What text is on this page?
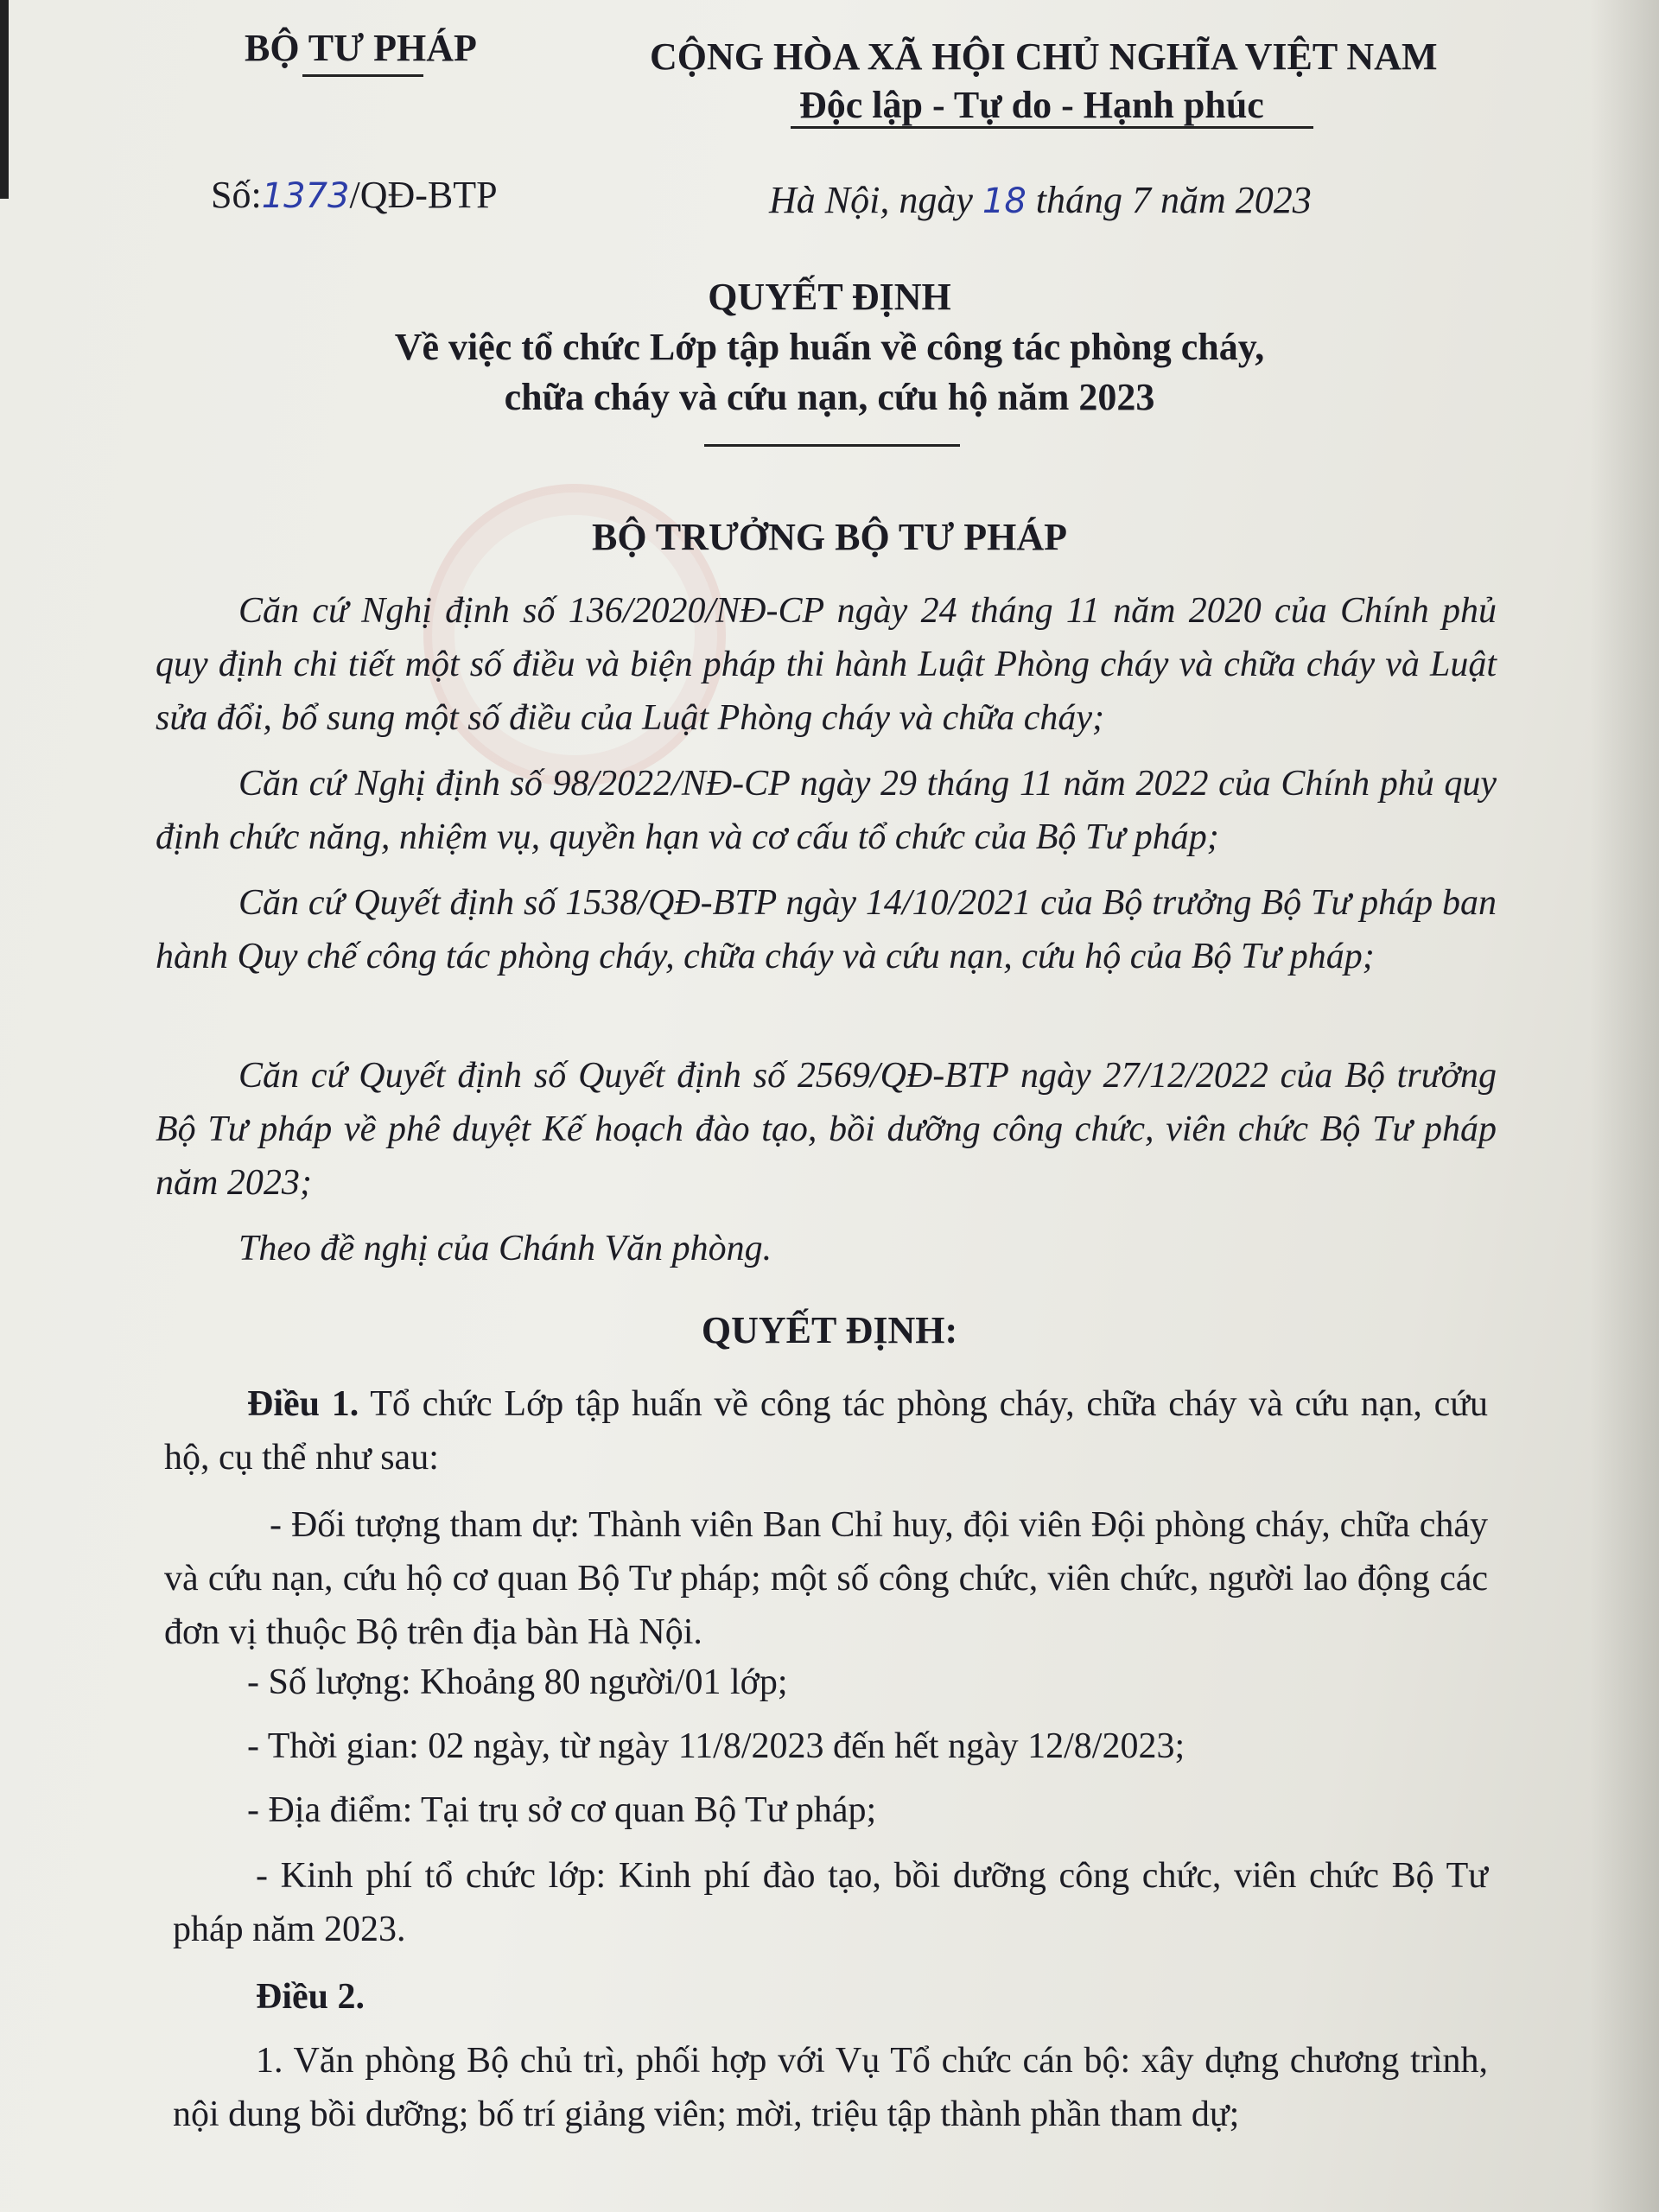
BỘ TƯ PHÁP	CỘNG HÒA XÃ HỘI CHỦ NGHĨA VIỆT NAM
Độc lập - Tự do - Hạnh phúc
Số:1373/QĐ-BTP	Hà Nội, ngày 18 tháng 7 năm 2023
QUYẾT ĐỊNH
Về việc tổ chức Lớp tập huấn về công tác phòng cháy,
chữa cháy và cứu nạn, cứu hộ năm 2023
BỘ TRƯỞNG BỘ TƯ PHÁP
Căn cứ Nghị định số 136/2020/NĐ-CP ngày 24 tháng 11 năm 2020 của Chính phủ quy định chi tiết một số điều và biện pháp thi hành Luật Phòng cháy và chữa cháy và Luật sửa đổi, bổ sung một số điều của Luật Phòng cháy và chữa cháy;
Căn cứ Nghị định số 98/2022/NĐ-CP ngày 29 tháng 11 năm 2022 của Chính phủ quy định chức năng, nhiệm vụ, quyền hạn và cơ cấu tổ chức của Bộ Tư pháp;
Căn cứ Quyết định số 1538/QĐ-BTP ngày 14/10/2021 của Bộ trưởng Bộ Tư pháp ban hành Quy chế công tác phòng cháy, chữa cháy và cứu nạn, cứu hộ của Bộ Tư pháp;
Căn cứ Quyết định số Quyết định số 2569/QĐ-BTP ngày 27/12/2022 của Bộ trưởng Bộ Tư pháp về phê duyệt Kế hoạch đào tạo, bồi dưỡng công chức, viên chức Bộ Tư pháp năm 2023;
Theo đề nghị của Chánh Văn phòng.
QUYẾT ĐỊNH:
Điều 1. Tổ chức Lớp tập huấn về công tác phòng cháy, chữa cháy và cứu nạn, cứu hộ, cụ thể như sau:
- Đối tượng tham dự: Thành viên Ban Chỉ huy, đội viên Đội phòng cháy, chữa cháy và cứu nạn, cứu hộ cơ quan Bộ Tư pháp; một số công chức, viên chức, người lao động các đơn vị thuộc Bộ trên địa bàn Hà Nội.
- Số lượng: Khoảng 80 người/01 lớp;
- Thời gian: 02 ngày, từ ngày 11/8/2023 đến hết ngày 12/8/2023;
- Địa điểm: Tại trụ sở cơ quan Bộ Tư pháp;
- Kinh phí tổ chức lớp: Kinh phí đào tạo, bồi dưỡng công chức, viên chức Bộ Tư pháp năm 2023.
Điều 2.
1. Văn phòng Bộ chủ trì, phối hợp với Vụ Tổ chức cán bộ: xây dựng chương trình, nội dung bồi dưỡng; bố trí giảng viên; mời, triệu tập thành phần tham dự;
